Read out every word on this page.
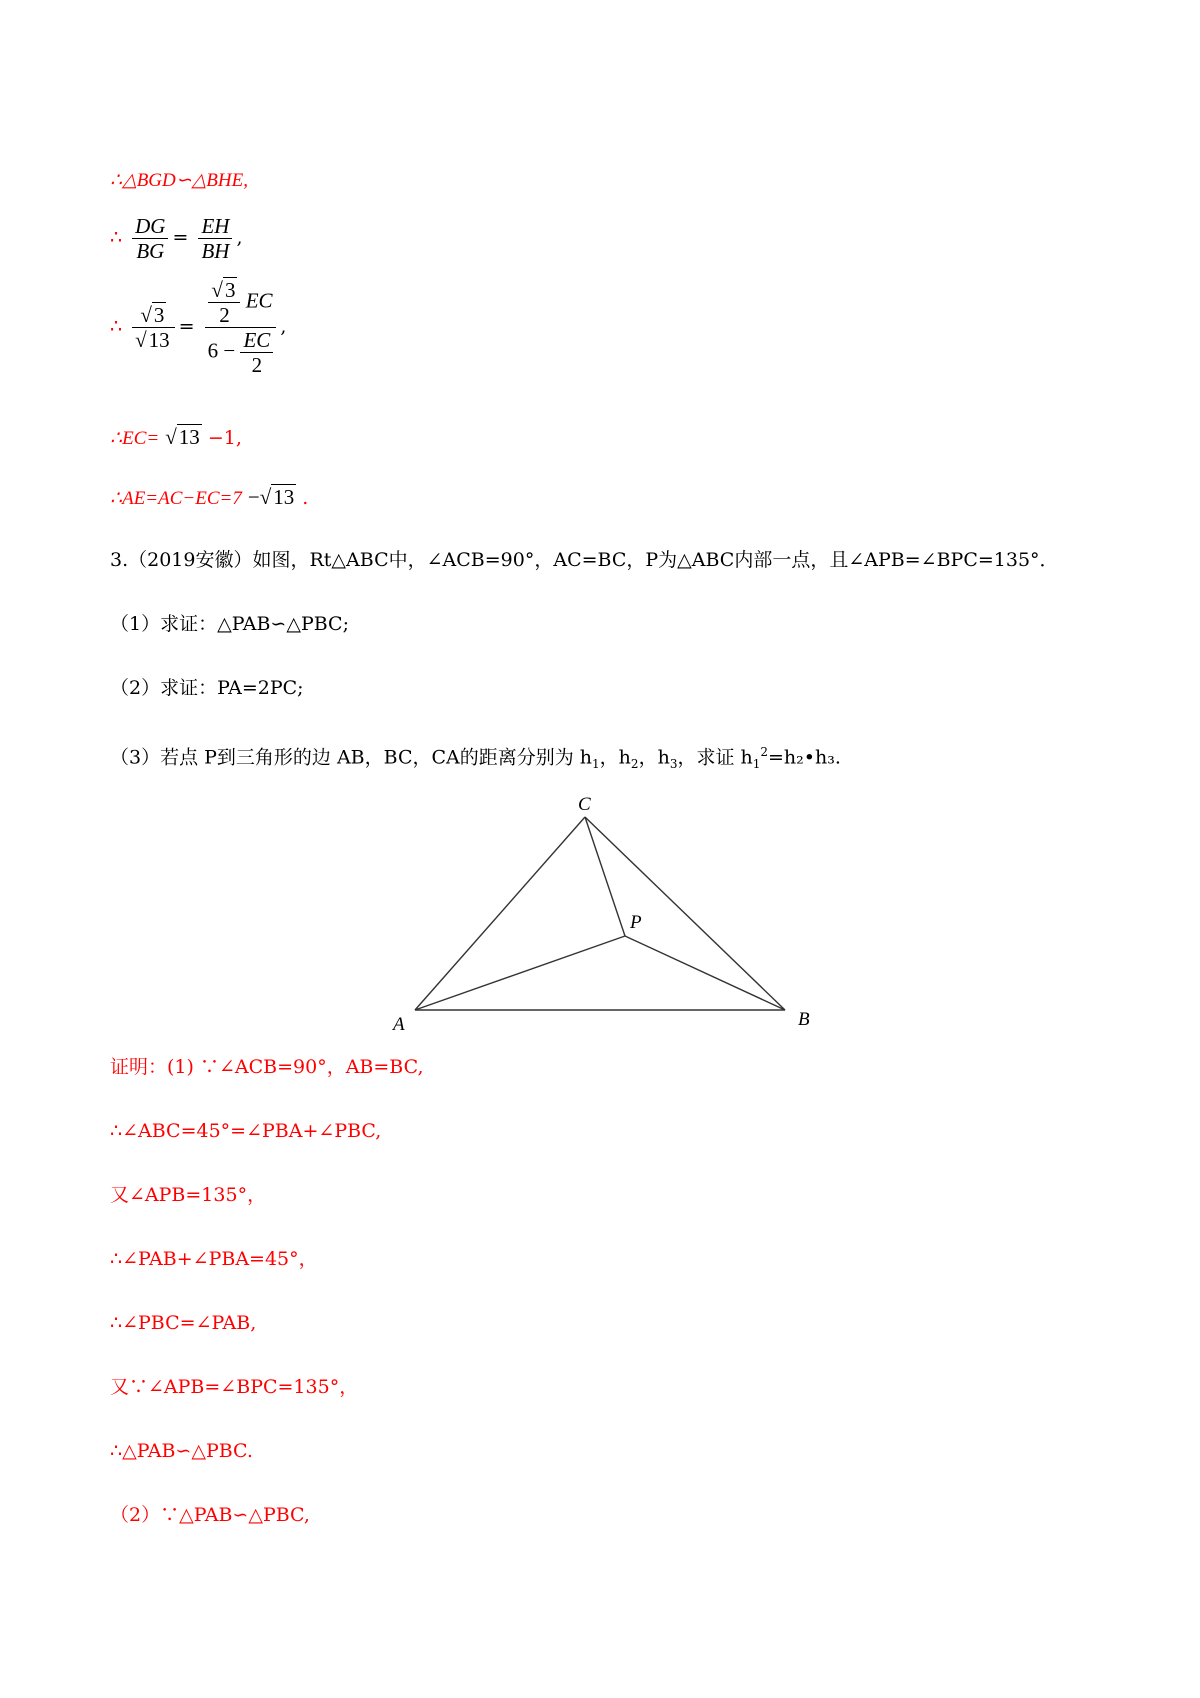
∴△BGD∽△BHE,
∴ $\frac{DG}{BG} = \frac{EH}{BH}$ ,
∴ $\frac{√3}{√13} = \frac{\frac{√3}{2} EC}{6 - \frac{EC}{2}}$ ,
∴EC= √13 −1,
∴AE=AC−EC=7 −√13 .
3.（2019安徽）如图，Rt△ABC中，∠ACB=90°，AC=BC，P为△ABC内部一点，且∠APB=∠BPC=135°．
（1）求证：△PAB∽△PBC;
（2）求证：PA=2PC;
（3）若点 P到三角形的边 AB，BC，CA的距离分别为 $h_1$，$h_2$，$h_3$，求证 $h_1^2=h_2•h_3$.
A	B
C
P
证明：(1) ∵∠ACB=90°，AB=BC,
∴∠ABC=45°=∠PBA+∠PBC,
又∠APB=135°，
∴∠PAB+∠PBA=45°，
∴∠PBC=∠PAB,
又∵∠APB=∠BPC=135°，
∴△PAB∽△PBC.
（2）∵△PAB∽△PBC,
